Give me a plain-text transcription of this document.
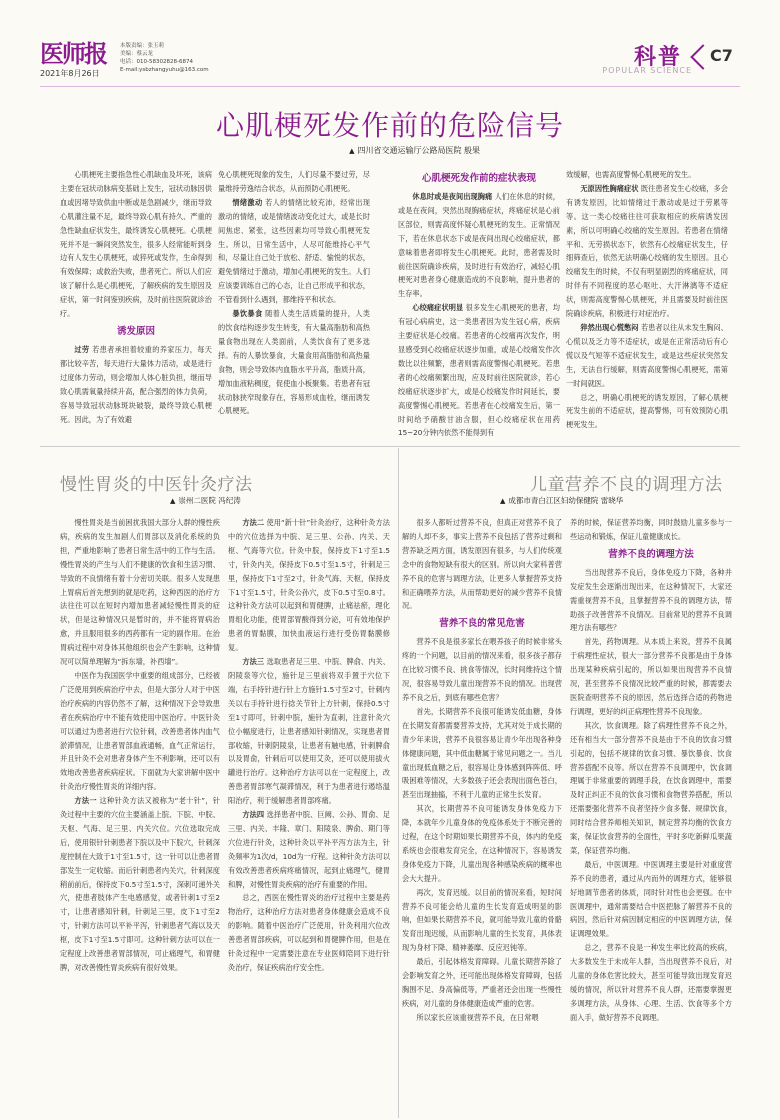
医师报
2021年8月26日
本版责编：张玉莉
美编：蔡云龙
电话：010-58302828-6874
E-mail:ysbzhangyuhu@163.com	科普
POPULAR SCIENCE
C7
心肌梗死发作前的危险信号
▲ 四川省交通运输厅公路局医院 般果

心肌梗死主要指急性心肌缺血及坏死，该病主要在冠状动脉病变基础上发生，冠状动脉因供血或因堵导致供血中断或是急剧减少，继而导致心肌灌注量不足，最终导致心肌有持久、严重的急性缺血症状发生，最终诱发心肌梗死。心肌梗死并不是一瞬间突然发生，很多人经常能听到身边有人发生心肌梗死，或猝死或发作，生命得到有效保障；或救治失败，患者死亡。所以人们应该了解什么是心肌梗死，了解疾病的发生原因及症状，第一时间鉴别疾病，及时前往医院就诊治疗。

诱发原因

过劳 若患者承担着较重的养家压力，每天都比较辛苦，每天进行大量体力活动，或是进行过度体力劳动，则会增加人体心脏负担，继而导致心肌需氧量持续升高，配合强烈的体力负荷，容易导致冠状动脉斑块破裂，最终导致心肌梗死。因此，为了有效避

免心肌梗死现象的发生，人们尽量不要过劳，尽量维持劳逸结合状态，从而预防心肌梗死。

情绪激动 若人的情绪比较充沛，经常出现激动的情绪，或是情绪波动变化过大，或是长时间焦虑、紧张，这些因素均可导致心肌梗死发生。所以，日常生活中，人尽可能维持心平气和，尽量让自己处于放松、舒适、愉悦的状态，避免情绪过于激动，增加心肌梗死的发生。人们应该要训练自己的心态，让自己形成平和状态，不管看到什么遇到，都维持平和状态。

暴饮暴食 随着人类生活质量的提升，人类的饮食结构逐步发生转变，有大量高脂肪和高热量食物出现在人类面前，人类饮食有了更多选择。有的人暴饮暴食，大量食用高脂肪和高热量食物，则会导致体内血脂水平升高，脂质升高，增加血液粘稠度，促使血小板聚集。若患者有冠状动脉狭窄现象存在，容易形成血栓，继而诱发心肌梗死。

心肌梗死发作前的症状表现

休息时或是夜间出现胸痛 人们在休息的时候，或是在夜间，突然出现胸痛症状，疼痛症状是心前区部位，则需高度怀疑心肌梗死的发生。正常情况下，若在休息状态下或是夜间出现心绞痛症状，都意味着患者即将发生心肌梗死。此时，患者需及时前往医院确诊疾病，及时进行有效治疗，减轻心肌梗死对患者身心健康造成的不良影响，提升患者的生存率。

心绞痛症状明显 很多发生心肌梗死的患者，均有冠心病病史，这一类患者因为发生冠心病，疾病主要症状是心绞痛。若患者的心绞痛再次发作，明显感受到心绞痛症状逐步加重，或是心绞痛发作次数比以往频繁，患者则需高度警惕心肌梗死。若患者的心绞痛频繁出现，应及时前往医院就诊，若心绞痛症状逐步扩大，或是心绞痛发作时间延长，要高度警惕心肌梗死。若患者在心绞痛发生后，第一时间给予硝酸甘油含服，但心绞痛症状在用药15~20分钟内依然不能得到有

效缓解，也需高度警惕心肌梗死的发生。

无原因性胸痛症状 既往患者发生心绞痛，多会有诱发原因，比如情绪过于激动或是过于劳累等等。这一类心绞痛往往可获取相应的疾病诱发因素，所以可明确心绞痛的发生原因。若患者在情绪平和、无劳损状态下，依然有心绞痛症状发生，仔细筛查后，依然无法明确心绞痛的发生原因。且心绞痛发生的时候，不仅有明显剧烈的疼痛症状，同时伴有不同程度的恶心呕吐、大汗淋漓等不适症状，则需高度警惕心肌梗死，并且需要及时前往医院确诊疾病，积极进行对症治疗。

猝然出现心慌憋闷 若患者以往从未发生胸闷、心慌以及乏力等不适症状，或是在正常活动后有心慌以及气短等不适症状发生，或是这些症状突然发生，无法自行缓解，则需高度警惕心肌梗死，需第一时间就医。

总之，明确心肌梗死的诱发原因，了解心肌梗死发生前的不适症状，提高警惕，可有效预防心肌梗死发生。

慢性胃炎的中医针灸疗法
▲ 崇州二医院 冯纪涛

慢性胃炎是当前困扰我国大部分人群的慢性疾病，疾病的发生加剧人们胃部以及消化系统的负担，严重地影响了患者日常生活中的工作与生活。慢性胃炎的产生与人们不健康的饮食和生活习惯、导致的不良情绪有着十分密切关联。很多人发现患上胃病后首先想到的就是吃药，这种西医的治疗方法往往可以在短时内增加患者减轻慢性胃炎的症状，但是这种情况只是暂时的，并不能将胃病治愈，并且服用很多的西药都有一定的副作用。在治胃病过程中对身体其他组织也会产生影响，这种情况可以简单理解为“拆东墙，补西墙”。

中医作为我国医学中重要的组成部分，已经被广泛使用到疾病治疗中去，但是大部分人对于中医治疗疾病的内容仍然不了解，这种情况下会导致患者在疾病治疗中不能有效使用中医治疗。中医针灸可以通过为患者进行穴位针刺，改善患者体内血气淤滞情况，让患者胃部血液通畅，血气正常运行，并且针灸不会对患者身体产生不利影响，还可以有效地改善患者疾病症状。下面就为大家讲解中医中针灸治疗慢性胃炎的详细内容。

方法一 这种针灸方法又被称为“老十针”，针灸过程中主要的穴位主要涵盖上脘、下脘、中脘、天枢、气海、足三里、内关穴位。穴位选取完成后，使用银针针刺患者下脘以及中下脘穴，针刺深度控制在大致于1寸至1.5寸，这一针可以让患者胃部发生一定收缩。而后针刺患者内关穴，针刺深度稍前前后，保持皮下0.5寸至1.5寸，深刺可递外关穴，使患者肢体产生电感感觉，或者针刺1寸至2寸，让患者感知针刺，针刺足三里，皮下1寸至2寸，针刺方法可以平补平泻，针刺患者气海以及天枢，皮下1寸至1.5寸即可。这种针刺方法可以在一定程度上改善患者胃部情况，可止痛理气，和胃健脾，对改善慢性胃炎疾病有很好效果。

方法二 使用“新十针”针灸治疗，这种针灸方法中的穴位选择为中脘、足三里、公孙、内关、天枢、气海等穴位。针灸中脘，保持皮下1寸至1.5寸，针灸内关，保持皮下0.5寸至1.5寸，针刺足三里，保持皮下1寸至2寸，针灸气海、天枢，保持皮下1寸至1.5寸，针灸公孙穴，皮下0.5寸至0.8寸。这种针灸方法可以起到和胃健脾，止痛祛瘀，理化胃组化功能，使胃部胃酸得到分泌，可有效地保护患者的胃黏膜，加快血液运行进行受伤胃黏膜修复。

方法三 选取患者足三里、中脘、脾俞、内关、阴陵泉等穴位，施针足三里前将双手置于穴位下端，右手持针进行针上方施针1.5寸至2寸，针刺内关以右手持针进行捻关节针上方针刺，保持0.5寸至1寸即可，针刺中脘，施针为直刺，注意针灸穴位小幅度进行，让患者感知针刺情况，实现患者胃部收缩，针刺阴陵泉，让患者有触电感，针刺脾俞以及胃俞，针刺后可以使用艾灸，还可以使用拔火罐进行治疗。这种治疗方法可以在一定程度上，改善患者胃部寒气凝滞情况，利于为患者进行遏络温阳治疗，利于缓解患者胃部疼痛。

方法四 选择患者中脘、巨阙、公孙、胃俞、足三里、内关、丰隆、章门、阳陵泉、脾俞、期门等穴位进行针灸，这种针灸以平补平泻方法为主，针灸频率为1次/d，10d为一疗程。这种针灸方法可以有效改善患者疾病疼痛情况，起到止痛理气，健胃和脾，对慢性胃炎疾病的治疗有重要的作用。

总之，西医在慢性胃炎的治疗过程中主要是药物治疗，这种治疗方法对患者身体健康会造成不良的影响。随着中医治疗广泛使用，针灸利用穴位改善患者胃部疾病，可以起到和胃健脾作用，但是在针灸过程中一定需要注意在专业医师陪同下进行针灸治疗，保证疾病治疗安全性。

儿童营养不良的调理方法
▲ 成都市青白江区妇幼保健院 雷晓华

很多人都听过营养不良，但真正对营养不良了解的人却不多，事实上营养不良包括了营养过剩和营养缺乏两方面，诱发原因有很多，与人们传统观念中的食物短缺有很大的区别。所以向大家科普营养不良的危害与调理方法，让更多人掌握营养支持和正确喂养方法，从而帮助更好的减少营养不良情况。

营养不良的常见危害

营养不良是很多家长在喂养孩子的时候非常头疼的一个问题，以目前的情况来看，很多孩子都存在比较习惯不良、挑食等情况，长时间维持这个情况，很容易导致儿童出现营养不良的情况。出现营养不良之后，到底有哪些危害？

首先，长期营养不良很可能诱发低血糖，身体在长期发育都需要营养支持，尤其对处于成长期的青少年来说，营养不良很容易让青少年出现各种身体健康问题，其中低血糖属于常见问题之一。当儿童出现低血糖之后，很容易让身体感到阵阵低、呼吸困难等情况，大多数孩子还会表现出面色苍白，甚至出现抽搐，不利于儿童的正常生长发育。

其次，长期营养不良可能诱发身体免疫力下降，本就年少儿童身体的免疫体系处于不断完善的过程，在这个时期如果长期营养不良，体内的免疫系统也会很难发育完全，在这种情况下，容易诱发身体免疫力下降，儿童出现各种感染疾病的概率也会大大提升。

再次，发育迟缓。以目前的情况来看，短时间营养不良可能会给儿童的生长发育造成明显的影响，但如果长期营养不良，就可能导致儿童的骨骼发育出现迟缓，从而影响儿童的生长发育，具体表现为身材下降、精神萎靡、反应迟钝等。

最后，引起体格发育障碍。儿童长期营养除了会影响发育之外，还可能出现体格发育障碍，包括胸围不足、身高偏低等，严重者还会出现一些慢性疾病，对儿童的身体健康造成严重的危害。

所以家长应该重视营养不良，在日常喂

养的时候，保证营养均衡，同时鼓励儿童多参与一些运动和锻炼，保证儿童健康成长。

营养不良的调理方法

当出现营养不良后，身体免疫力下降，各种并发症发生会逐渐出现出来，在这种情况下，大家还需重视营养不良，且掌握营养不良的调理方法，帮助孩子改善营养不良情况。目前常见的营养不良调理方法有哪些？

首先，药物调理。从本质上来说，营养不良属于病理性症状，很大一部分营养不良都是由于身体出现某种疾病引起的，所以如果出现营养不良情况，甚至营养不良情况比较严重的时候，都需要去医院查明营养不良的原因，然后选择合适的药物进行调理，更好的纠正病理性营养不良现象。

其次，饮食调理。除了病理性营养不良之外，还有相当大一部分营养不良是由于不良的饮食习惯引起的，包括不规律的饮食习惯、暴饮暴食、饮食营养搭配不良等。所以在营养不良调理中，饮食调理属于非常重要的调理手段，在饮食调理中，需要及时正纠正不良的饮食习惯和食物营养搭配，所以还需要强化营养不良者坚持少食多餐、规律饮食，同时结合营养师相关知识，制定营养均衡的饮食方案，保证饮食营养的全面性，平时多吃新鲜瓜果蔬菜，保证营养均衡。

最后，中医调理。中医调理主要是针对重度营养不良的患者，通过从内而外的调理方式，能够很好地调节患者的体质，同时针对性也会更强。在中医调理中，通常需要结合中医把脉了解营养不良的病因，然后针对病因制定相应的中医调理方法，保证调理效果。

总之，营养不良是一种发生率比较高的疾病，大多数发生于未成年人群，当出现营养不良后，对儿童的身体危害比较大，甚至可能导致出现发育迟缓的情况，所以针对营养不良人群，还需要掌握更多调理方法，从身体、心理、生活、饮食等多个方面入手，做好营养不良调理。
